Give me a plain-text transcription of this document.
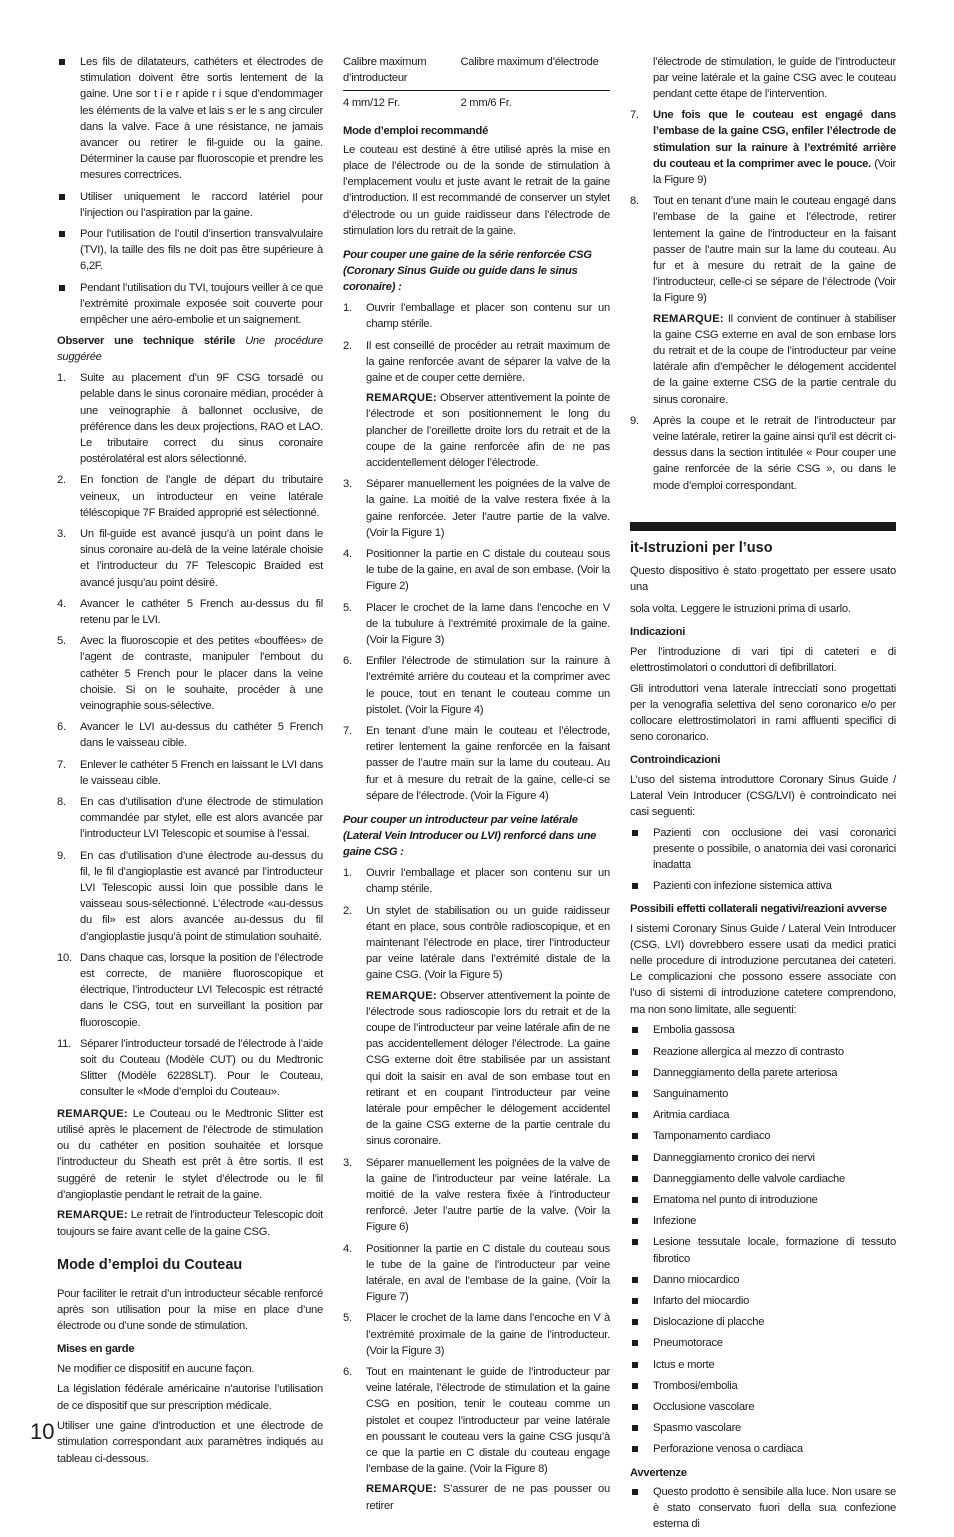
Les fils de dilatateurs, cathéters et électrodes de stimulation doivent être sortis lentement de la gaine. Une sor t i e r apide r i sque d’endommager les éléments de la valve et lais s er le s ang circuler dans la valve. Face à une résistance, ne jamais avancer ou retirer le fil-guide ou la gaine. Déterminer la cause par fluoroscopie et prendre les mesures correctrices.
Utiliser uniquement le raccord latériel pour l’injection ou l’aspiration par la gaine.
Pour l’utilisation de l’outil d’insertion transvalvulaire (TVI), la taille des fils ne doit pas être supérieure à 6,2F.
Pendant l’utilisation du TVI, toujours veiller à ce que l’extrémité proximale exposée soit couverte pour empêcher une aéro-embolie et un saignement.

Observer une technique stérile Une procédure suggérée

1. Suite au placement d’un 9F CSG torsadé ou pelable dans le sinus coronaire médian, procéder à une veinographie à ballonnet occlusive, de préférence dans les deux projections, RAO et LAO. Le tributaire correct du sinus coronaire postérolatéral est alors sélectionné.
2. En fonction de l’angle de départ du tributaire veineux, un introducteur en veine latérale téléscopique 7F Braided approprié est sélectionné.
3. Un fil-guide est avancé jusqu’à un point dans le sinus coronaire au-delà de la veine latérale choisie et l’introducteur du 7F Telescopic Braided est avancé jusqu’au point désiré.
4. Avancer le cathéter 5 French au-dessus du fil retenu par le LVI.
5. Avec la fluoroscopie et des petites «bouffées» de l’agent de contraste, manipuler l’embout du cathéter 5 French pour le placer dans la veine choisie. Si on le souhaite, procéder à une veinographie sous-sélective.
6. Avancer le LVI au-dessus du cathéter 5 French dans le vaisseau cible.
7. Enlever le cathéter 5 French en laissant le LVI dans le vaisseau cible.
8. En cas d’utilisation d’une électrode de stimulation commandée par stylet, elle est alors avancée par l’introducteur LVI Telescopic et soumise à l’essai.
9. En cas d’utilisation d’une électrode au-dessus du fil, le fil d’angioplastie est avancé par l’introducteur LVI Telescopic aussi loin que possible dans le vaisseau sous-sélectionné. L’électrode «au-dessus du fil» est alors avancée au-dessus du fil d’angioplastie jusqu’à point de stimulation souhaité.
10. Dans chaque cas, lorsque la position de l’électrode est correcte, de manière fluoroscopique et électrique, l’introducteur LVI Telecospic est rétracté dans le CSG, tout en surveillant la position par fluoroscopie.
11. Séparer l’introducteur torsadé de l’électrode à l’aide soit du Couteau (Modèle CUT) ou du Medtronic Slitter (Modèle 6228SLT). Pour le Couteau, consulter le «Mode d’emploi du Couteau».

REMARQUE: Le Couteau ou le Medtronic Slitter est utilisé après le placement de l’électrode de stimulation ou du cathéter en position souhaitée et lorsque l’introducteur du Sheath est prêt à être sortis. Il est suggéré de retenir le stylet d’électrode ou le fil d’angioplastie pendant le retrait de la gaine.

REMARQUE: Le retrait de l’introducteur Telescopic doit toujours se faire avant celle de la gaine CSG.

Mode d’emploi du Couteau

Pour faciliter le retrait d’un introducteur sécable renforcé après son utilisation pour la mise en place d’une électrode ou d’une sonde de stimulation.

Mises en garde

Ne modifier ce dispositif en aucune façon.

La législation fédérale américaine n’autorise l’utilisation de ce dispositif que sur prescription médicale.

Utiliser une gaine d’introduction et une électrode de stimulation correspondant aux paramètres indiqués au tableau ci-dessous.

Calibre maximum d’introducteur	Calibre maximum d’électrode
4 mm/12 Fr.	2 mm/6 Fr.

Mode d’emploi recommandé

Le couteau est destiné à être utilisé après la mise en place de l’électrode ou de la sonde de stimulation à l’emplacement voulu et juste avant le retrait de la gaine d’introduction. Il est recommandé de conserver un stylet d’électrode ou un guide raidisseur dans l’électrode de stimulation lors du retrait de la gaine.

Pour couper une gaine de la série renforcée CSG (Coronary Sinus Guide ou guide dans le sinus coronaire) :

1. Ouvrir l’emballage et placer son contenu sur un champ stérile.
2. Il est conseillé de procéder au retrait maximum de la gaine renforcée avant de séparer la valve de la gaine et de couper cette dernière.

REMARQUE: Observer attentivement la pointe de l’électrode et son positionnement le long du plancher de l’oreillette droite lors du retrait et de la coupe de la gaine renforcée afin de ne pas accidentellement déloger l’électrode.

3. Séparer manuellement les poignées de la valve de la gaine. La moitié de la valve restera fixée à la gaine renforcée. Jeter l’autre partie de la valve. (Voir la Figure 1)
4. Positionner la partie en C distale du couteau sous le tube de la gaine, en aval de son embase. (Voir la Figure 2)
5. Placer le crochet de la lame dans l’encoche en V de la tubulure à l’extrémité proximale de la gaine. (Voir la Figure 3)
6. Enfiler l’électrode de stimulation sur la rainure à l’extrémité arrière du couteau et la comprimer avec le pouce, tout en tenant le couteau comme un pistolet. (Voir la Figure 4)
7. En tenant d’une main le couteau et l’électrode, retirer lentement la gaine renforcée en la faisant passer de l’autre main sur la lame du couteau. Au fur et à mesure du retrait de la gaine, celle-ci se sépare de l’électrode. (Voir la Figure 4)

Pour couper un introducteur par veine latérale (Lateral Vein Introducer ou LVI) renforcé dans une gaine CSG :

1. Ouvrir l’emballage et placer son contenu sur un champ stérile.
2. Un stylet de stabilisation ou un guide raidisseur étant en place, sous contrôle radioscopique, et en maintenant l’électrode en place, tirer l’introducteur par veine latérale dans l’extrémité distale de la gaine CSG. (Voir la Figure 5)

REMARQUE: Observer attentivement la pointe de l’électrode sous radioscopie lors du retrait et de la coupe de l’introducteur par veine latérale afin de ne pas accidentellement déloger l’électrode. La gaine CSG externe doit être stabilisée par un assistant qui doit la saisir en aval de son embase tout en retirant et en coupant l’introducteur par veine latérale pour empêcher le délogement accidentel de la gaine CSG externe de la partie centrale du sinus coronaire.

3. Séparer manuellement les poignées de la valve de la gaine de l’introducteur par veine latérale. La moitié de la valve restera fixée à l’introducteur renforcé. Jeter l’autre partie de la valve. (Voir la Figure 6)
4. Positionner la partie en C distale du couteau sous le tube de la gaine de l’introducteur par veine latérale, en aval de l’embase de la gaine. (Voir la Figure 7)
5. Placer le crochet de la lame dans l’encoche en V à l’extrémité proximale de la gaine de l’introducteur. (Voir la Figure 3)
6. Tout en maintenant le guide de l’introducteur par veine latérale, l’électrode de stimulation et la gaine CSG en position, tenir le couteau comme un pistolet et coupez l’introducteur par veine latérale en poussant le couteau vers la gaine CSG jusqu’à ce que la partie en C distale du couteau engage l’embase de la gaine. (Voir la Figure 8)

REMARQUE: S’assurer de ne pas pousser ou retirer

l’électrode de stimulation, le guide de l’introducteur par veine latérale et la gaine CSG avec le couteau pendant cette étape de l’intervention.

7. Une fois que le couteau est engagé dans l’embase de la gaine CSG, enfiler l’électrode de stimulation sur la rainure à l’extrémité arrière du couteau et la comprimer avec le pouce. (Voir la Figure 9)
8. Tout en tenant d’une main le couteau engagé dans l’embase de la gaine et l’électrode, retirer lentement la gaine de l’introducteur en la faisant passer de l’autre main sur la lame du couteau. Au fur et à mesure du retrait de la gaine de l’introducteur, celle-ci se sépare de l’électrode (Voir la Figure 9)

REMARQUE: Il convient de continuer à stabiliser la gaine CSG externe en aval de son embase lors du retrait et de la coupe de l’introducteur par veine latérale afin d’empêcher le délogement accidentel de la gaine externe CSG de la partie centrale du sinus coronaire.

9. Après la coupe et le retrait de l’introducteur par veine latérale, retirer la gaine ainsi qu’il est décrit ci-dessus dans la section intitulée « Pour couper une gaine renforcée de la série CSG », ou dans le mode d’emploi correspondant.
it-Istruzioni per l’uso

Questo dispositivo è stato progettato per essere usato una

sola volta. Leggere le istruzioni prima di usarlo.

Indicazioni

Per l’introduzione di vari tipi di cateteri e di elettrostimolatori o conduttori di defibrillatori.

Gli introduttori vena laterale intrecciati sono progettati per la venografia selettiva del seno coronarico e/o per collocare elettrostimolatori in rami affluenti specifici di seno coronarico.

Controindicazioni

L’uso del sistema introduttore Coronary Sinus Guide / Lateral Vein Introducer (CSG/LVI) è controindicato nei casi seguenti:

Pazienti con occlusione dei vasi coronarici presente o possibile, o anatomia dei vasi coronarici inadatta
Pazienti con infezione sistemica attiva

Possibili effetti collaterali negativi/reazioni avverse

I sistemi Coronary Sinus Guide / Lateral Vein Introducer (CSG. LVI) dovrebbero essere usati da medici pratici nelle procedure di introduzione percutanea dei cateteri. Le complicazioni che possono essere associate con l’uso di sistemi di introduzione catetere comprendono, ma non sono limitate, alle seguenti:

Embolia gassosa
Reazione allergica al mezzo di contrasto
Danneggiamento della parete arteriosa
Sanguinamento
Aritmia cardiaca
Tamponamento cardiaco
Danneggiamento cronico dei nervi
Danneggiamento delle valvole cardiache
Ematoma nel punto di introduzione
Infezione
Lesione tessutale locale, formazione di tessuto fibrotico
Danno miocardico
Infarto del miocardio
Dislocazione di placche
Pneumotorace
Ictus e morte
Trombosi/embolia
Occlusione vascolare
Spasmo vascolare
Perforazione venosa o cardiaca

Avvertenze

Questo prodotto è sensibile alla luce. Non usare se è stato conservato fuori della sua confezione esterna di
10
